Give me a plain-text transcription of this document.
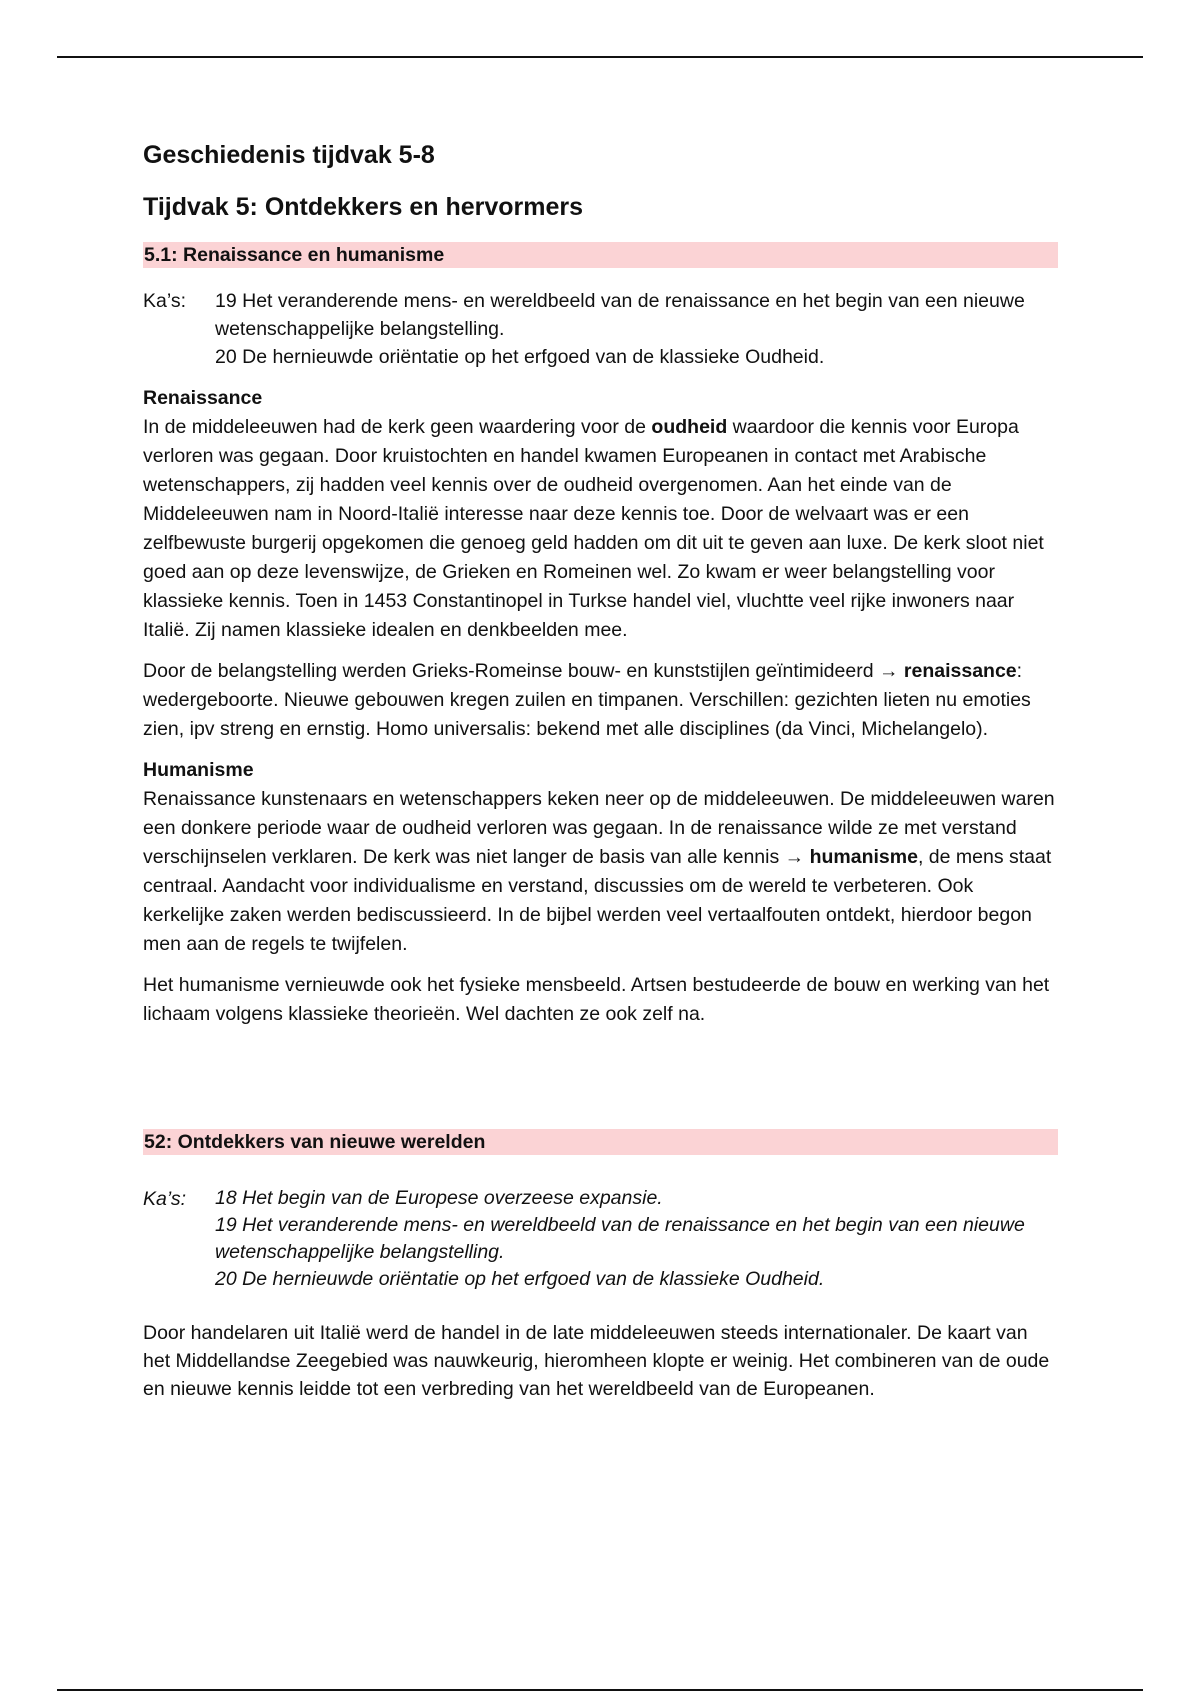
Geschiedenis tijdvak 5-8
Tijdvak 5: Ontdekkers en hervormers
5.1: Renaissance en humanisme
Ka’s:	19 Het veranderende mens- en wereldbeeld van de renaissance en het begin van een nieuwe wetenschappelijke belangstelling.

20 De hernieuwde oriëntatie op het erfgoed van de klassieke Oudheid.

Renaissance

In de middeleeuwen had de kerk geen waardering voor de oudheid waardoor die kennis voor Europa verloren was gegaan. Door kruistochten en handel kwamen Europeanen in contact met Arabische wetenschappers, zij hadden veel kennis over de oudheid overgenomen. Aan het einde van de Middeleeuwen nam in Noord-Italië interesse naar deze kennis toe. Door de welvaart was er een zelfbewuste burgerij opgekomen die genoeg geld hadden om dit uit te geven aan luxe. De kerk sloot niet goed aan op deze levenswijze, de Grieken en Romeinen wel. Zo kwam er weer belangstelling voor klassieke kennis. Toen in 1453 Constantinopel in Turkse handel viel, vluchtte veel rijke inwoners naar Italië. Zij namen klassieke idealen en denkbeelden mee.

Door de belangstelling werden Grieks-Romeinse bouw- en kunststijlen geïntimideerd → renaissance: wedergeboorte. Nieuwe gebouwen kregen zuilen en timpanen. Verschillen: gezichten lieten nu emoties zien, ipv streng en ernstig. Homo universalis: bekend met alle disciplines (da Vinci, Michelangelo).

Humanisme

Renaissance kunstenaars en wetenschappers keken neer op de middeleeuwen. De middeleeuwen waren een donkere periode waar de oudheid verloren was gegaan. In de renaissance wilde ze met verstand verschijnselen verklaren. De kerk was niet langer de basis van alle kennis → humanisme, de mens staat centraal. Aandacht voor individualisme en verstand, discussies om de wereld te verbeteren. Ook kerkelijke zaken werden bediscussieerd. In de bijbel werden veel vertaalfouten ontdekt, hierdoor begon men aan de regels te twijfelen.

Het humanisme vernieuwde ook het fysieke mensbeeld. Artsen bestudeerde de bouw en werking van het lichaam volgens klassieke theorieën. Wel dachten ze ook zelf na.

52: Ontdekkers van nieuwe werelden
Ka’s:	18 Het begin van de Europese overzeese expansie.

19 Het veranderende mens- en wereldbeeld van de renaissance en het begin van een nieuwe wetenschappelijke belangstelling.

20 De hernieuwde oriëntatie op het erfgoed van de klassieke Oudheid.

Door handelaren uit Italië werd de handel in de late middeleeuwen steeds internationaler. De kaart van het Middellandse Zeegebied was nauwkeurig, hieromheen klopte er weinig. Het combineren van de oude en nieuwe kennis leidde tot een verbreding van het wereldbeeld van de Europeanen.
